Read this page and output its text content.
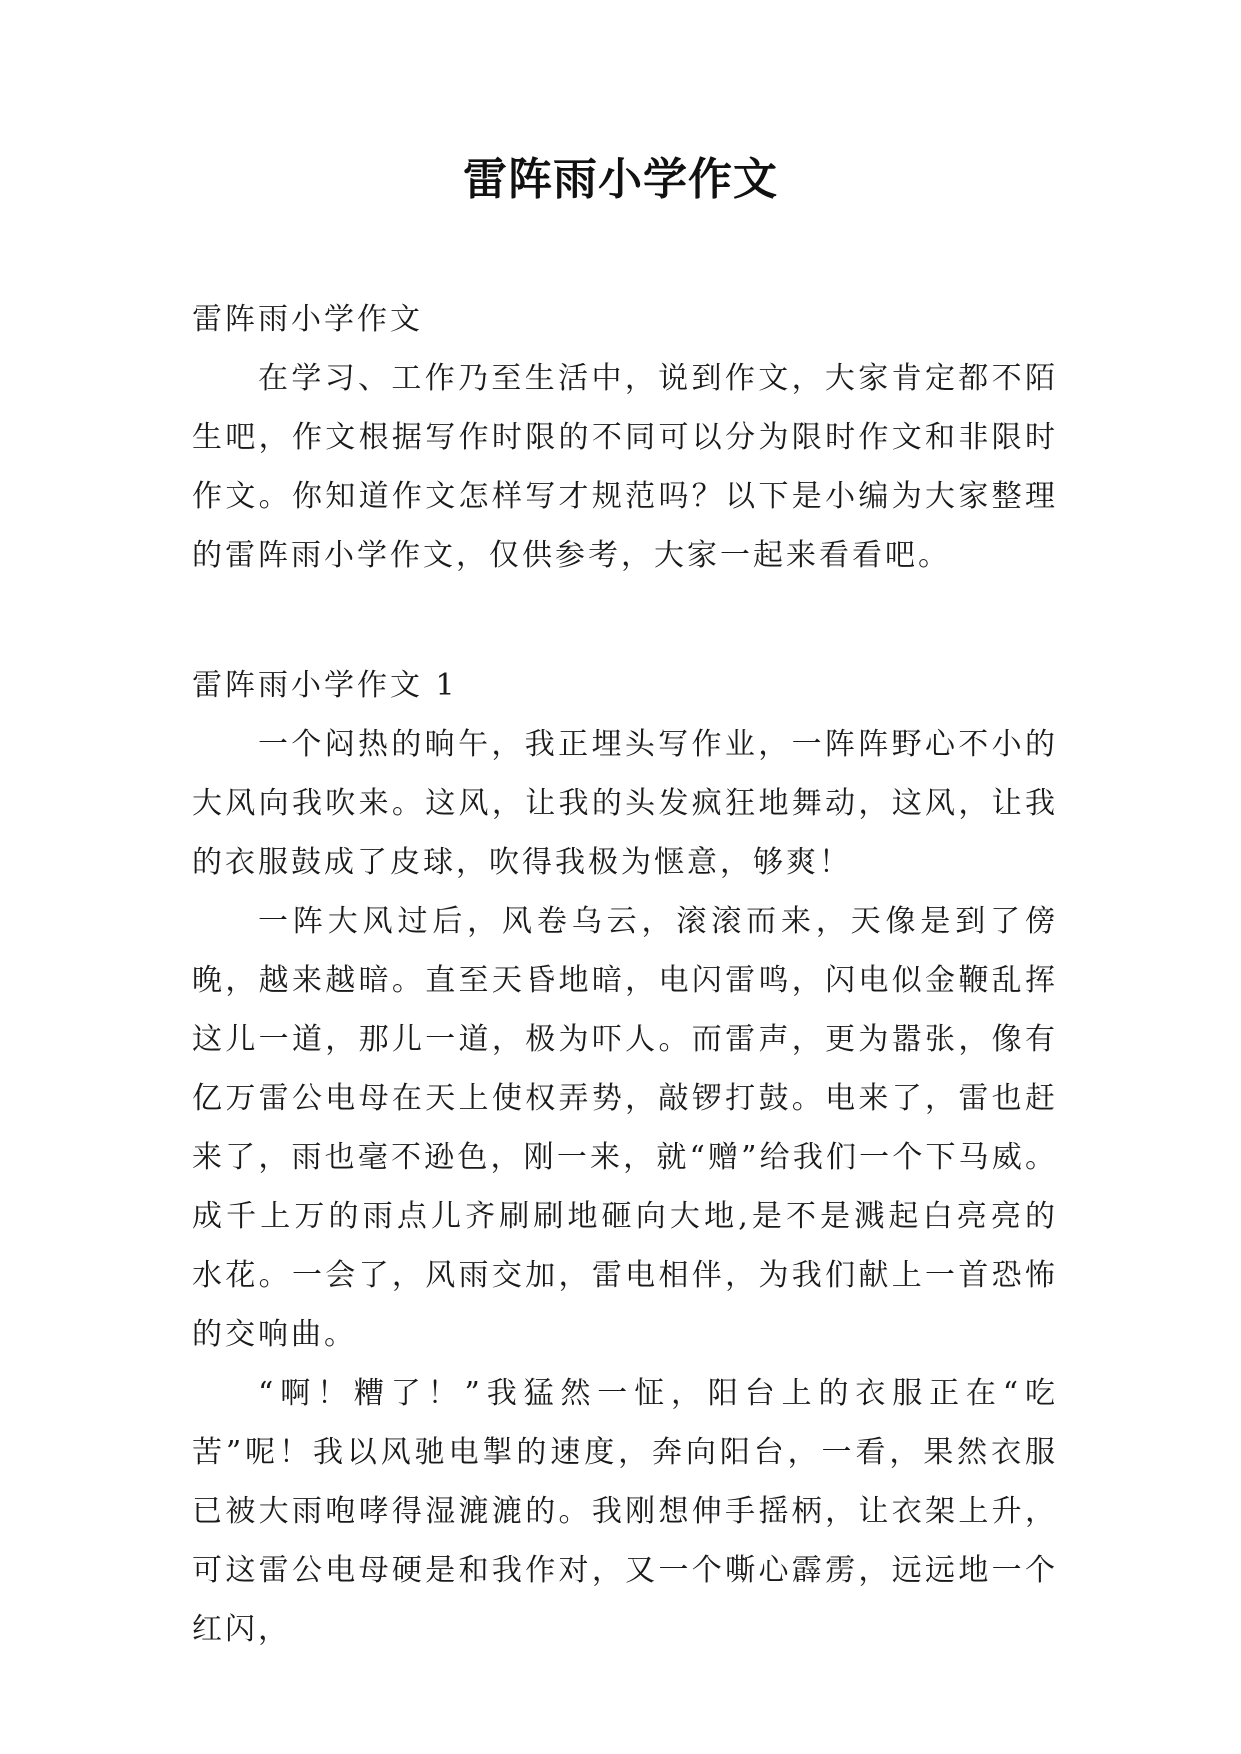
雷阵雨小学作文

雷阵雨小学作文

在学习、工作乃至生活中，说到作文，大家肯定都不陌生吧，作文根据写作时限的不同可以分为限时作文和非限时作文。你知道作文怎样写才规范吗？以下是小编为大家整理的雷阵雨小学作文，仅供参考，大家一起来看看吧。

雷阵雨小学作文 1

一个闷热的晌午，我正埋头写作业，一阵阵野心不小的大风向我吹来。这风，让我的头发疯狂地舞动，这风，让我的衣服鼓成了皮球，吹得我极为惬意，够爽！

一阵大风过后，风卷乌云，滚滚而来，天像是到了傍晚，越来越暗。直至天昏地暗，电闪雷鸣，闪电似金鞭乱挥这儿一道，那儿一道，极为吓人。而雷声，更为嚣张，像有亿万雷公电母在天上使权弄势，敲锣打鼓。电来了，雷也赶来了，雨也毫不逊色，刚一来，就“赠”给我们一个下马威。成千上万的雨点儿齐刷刷地砸向大地,是不是溅起白亮亮的水花。一会了，风雨交加，雷电相伴，为我们献上一首恐怖的交响曲。

“啊！糟了！”我猛然一怔，阳台上的衣服正在“吃苦”呢！我以风驰电掣的速度，奔向阳台，一看，果然衣服已被大雨咆哮得湿漉漉的。我刚想伸手摇柄，让衣架上升，可这雷公电母硬是和我作对，又一个嘶心霹雳，远远地一个红闪，
